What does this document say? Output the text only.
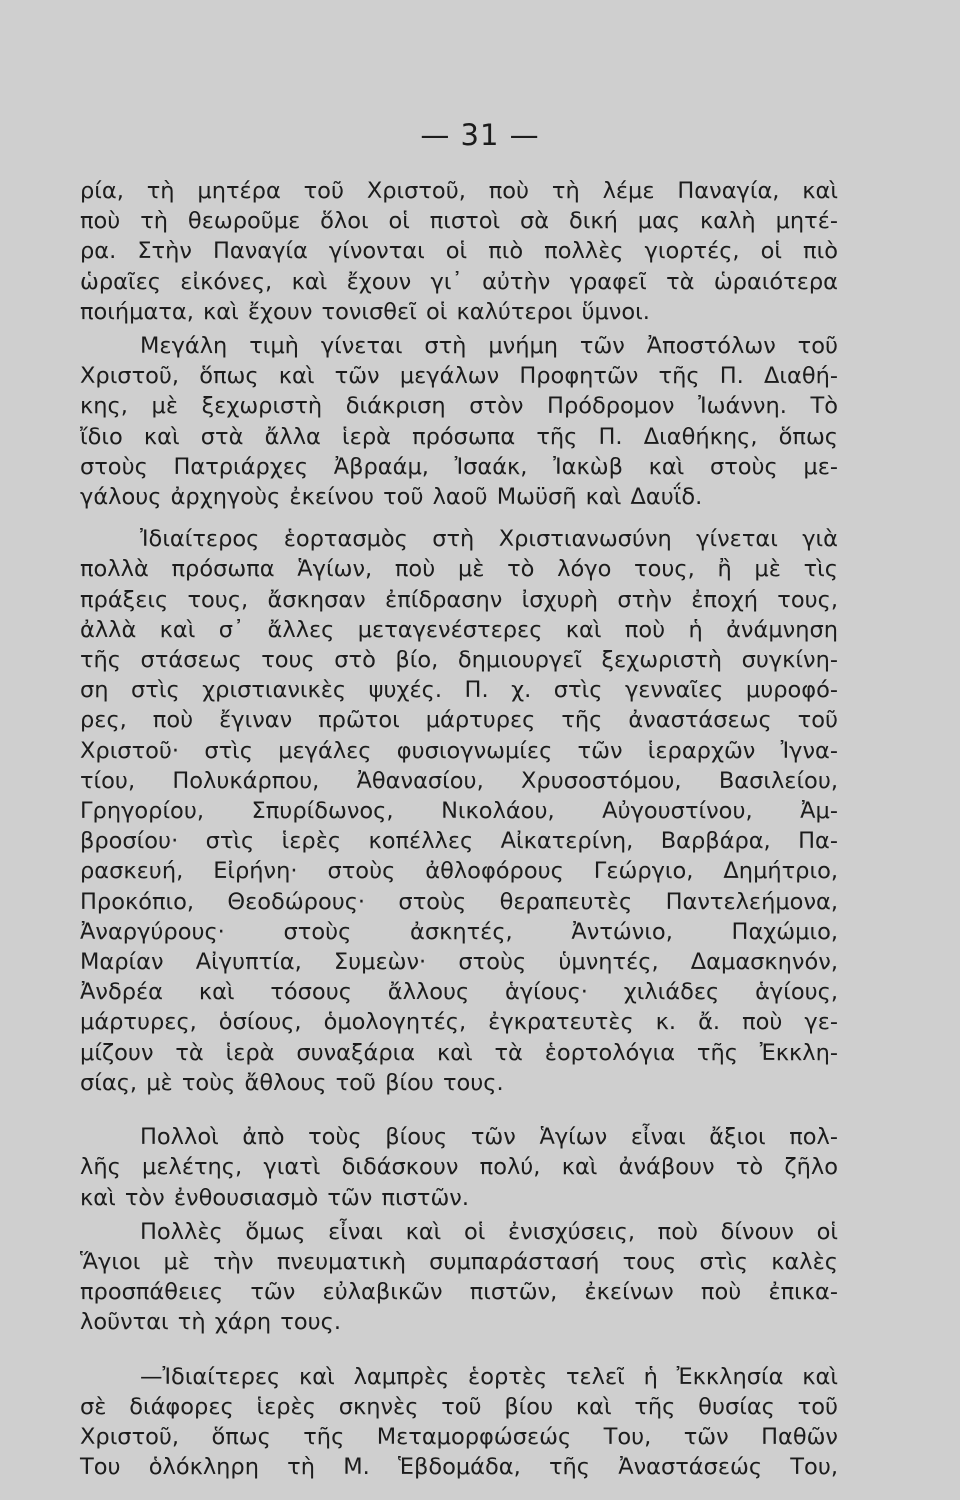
— 31 —

ρία, τὴ μητέρα τοῦ Χριστοῦ, ποὺ τὴ λέμε Παναγία, καὶ
ποὺ τὴ θεωροῦμε ὅλοι οἱ πιστοὶ σὰ δική μας καλὴ μητέ-
ρα. Στὴν Παναγία γίνονται οἱ πιὸ πολλὲς γιορτές, οἱ πιὸ
ὡραῖες εἰκόνες, καὶ ἔχουν γι᾿ αὐτὴν γραφεῖ τὰ ὡραιότερα
ποιήματα, καὶ ἔχουν τονισθεῖ οἱ καλύτεροι ὕμνοι.

Μεγάλη τιμὴ γίνεται στὴ μνήμη τῶν Ἀποστόλων τοῦ
Χριστοῦ, ὅπως καὶ τῶν μεγάλων Προφητῶν τῆς Π. Διαθή-
κης, μὲ ξεχωριστὴ διάκριση στὸν Πρόδρομον Ἰωάννη. Τὸ
ἴδιο καὶ στὰ ἄλλα ἱερὰ πρόσωπα τῆς Π. Διαθήκης, ὅπως
στοὺς Πατριάρχες Ἀβραάμ, Ἰσαάκ, Ἰακὼβ καὶ στοὺς με-
γάλους ἀρχηγοὺς ἐκείνου τοῦ λαοῦ Μωϋσῆ καὶ Δαυΐδ.

Ἰδιαίτερος ἑορτασμὸς στὴ Χριστιανωσύνη γίνεται γιὰ
πολλὰ πρόσωπα Ἁγίων, ποὺ μὲ τὸ λόγο τους, ἢ μὲ τὶς
πράξεις τους, ἄσκησαν ἐπίδρασην ἰσχυρὴ στὴν ἐποχή τους,
ἀλλὰ καὶ σ᾿ ἄλλες μεταγενέστερες καὶ ποὺ ἡ ἀνάμνηση
τῆς στάσεως τους στὸ βίο, δημιουργεῖ ξεχωριστὴ συγκίνη-
ση στὶς χριστιανικὲς ψυχές. Π. χ. στὶς γενναῖες μυροφό-
ρες, ποὺ ἔγιναν πρῶτοι μάρτυρες τῆς ἀναστάσεως τοῦ
Χριστοῦ· στὶς μεγάλες φυσιογνωμίες τῶν ἱεραρχῶν Ἰγνα-
τίου, Πολυκάρπου, Ἀθανασίου, Χρυσοστόμου, Βασιλείου,
Γρηγορίου, Σπυρίδωνος, Νικολάου, Αὐγουστίνου, Ἀμ-
βροσίου· στὶς ἱερὲς κοπέλλες Αἰκατερίνη, Βαρβάρα, Πα-
ρασκευή, Εἰρήνη· στοὺς ἀθλοφόρους Γεώργιο, Δημήτριο,
Προκόπιο, Θεοδώρους· στοὺς θεραπευτὲς Παντελεήμονα,
Ἀναργύρους· στοὺς ἀσκητές, Ἀντώνιο, Παχώμιο,
Μαρίαν Αἰγυπτία, Συμεὼν· στοὺς ὑμνητές, Δαμασκηνόν,
Ἀνδρέα καὶ τόσους ἄλλους ἁγίους· χιλιάδες ἁγίους,
μάρτυρες, ὁσίους, ὁμολογητές, ἐγκρατευτὲς κ. ἄ. ποὺ γε-
μίζουν τὰ ἱερὰ συναξάρια καὶ τὰ ἑορτολόγια τῆς Ἐκκλη-
σίας, μὲ τοὺς ἄθλους τοῦ βίου τους.

Πολλοὶ ἀπὸ τοὺς βίους τῶν Ἁγίων εἶναι ἄξιοι πολ-
λῆς μελέτης, γιατὶ διδάσκουν πολύ, καὶ ἀνάβουν τὸ ζῆλο
καὶ τὸν ἐνθουσιασμὸ τῶν πιστῶν.

Πολλὲς ὅμως εἶναι καὶ οἱ ἐνισχύσεις, ποὺ δίνουν οἱ
Ἅγιοι μὲ τὴν πνευματικὴ συμπαράστασή τους στὶς καλὲς
προσπάθειες τῶν εὐλαβικῶν πιστῶν, ἐκείνων ποὺ ἐπικα-
λοῦνται τὴ χάρη τους.

—Ἰδιαίτερες καὶ λαμπρὲς ἑορτὲς τελεῖ ἡ Ἐκκλησία καὶ
σὲ διάφορες ἱερὲς σκηνὲς τοῦ βίου καὶ τῆς θυσίας τοῦ
Χριστοῦ, ὅπως τῆς Μεταμορφώσεώς Του, τῶν Παθῶν
Του ὁλόκληρη τὴ Μ. Ἑβδομάδα, τῆς Ἀναστάσεώς Του,
